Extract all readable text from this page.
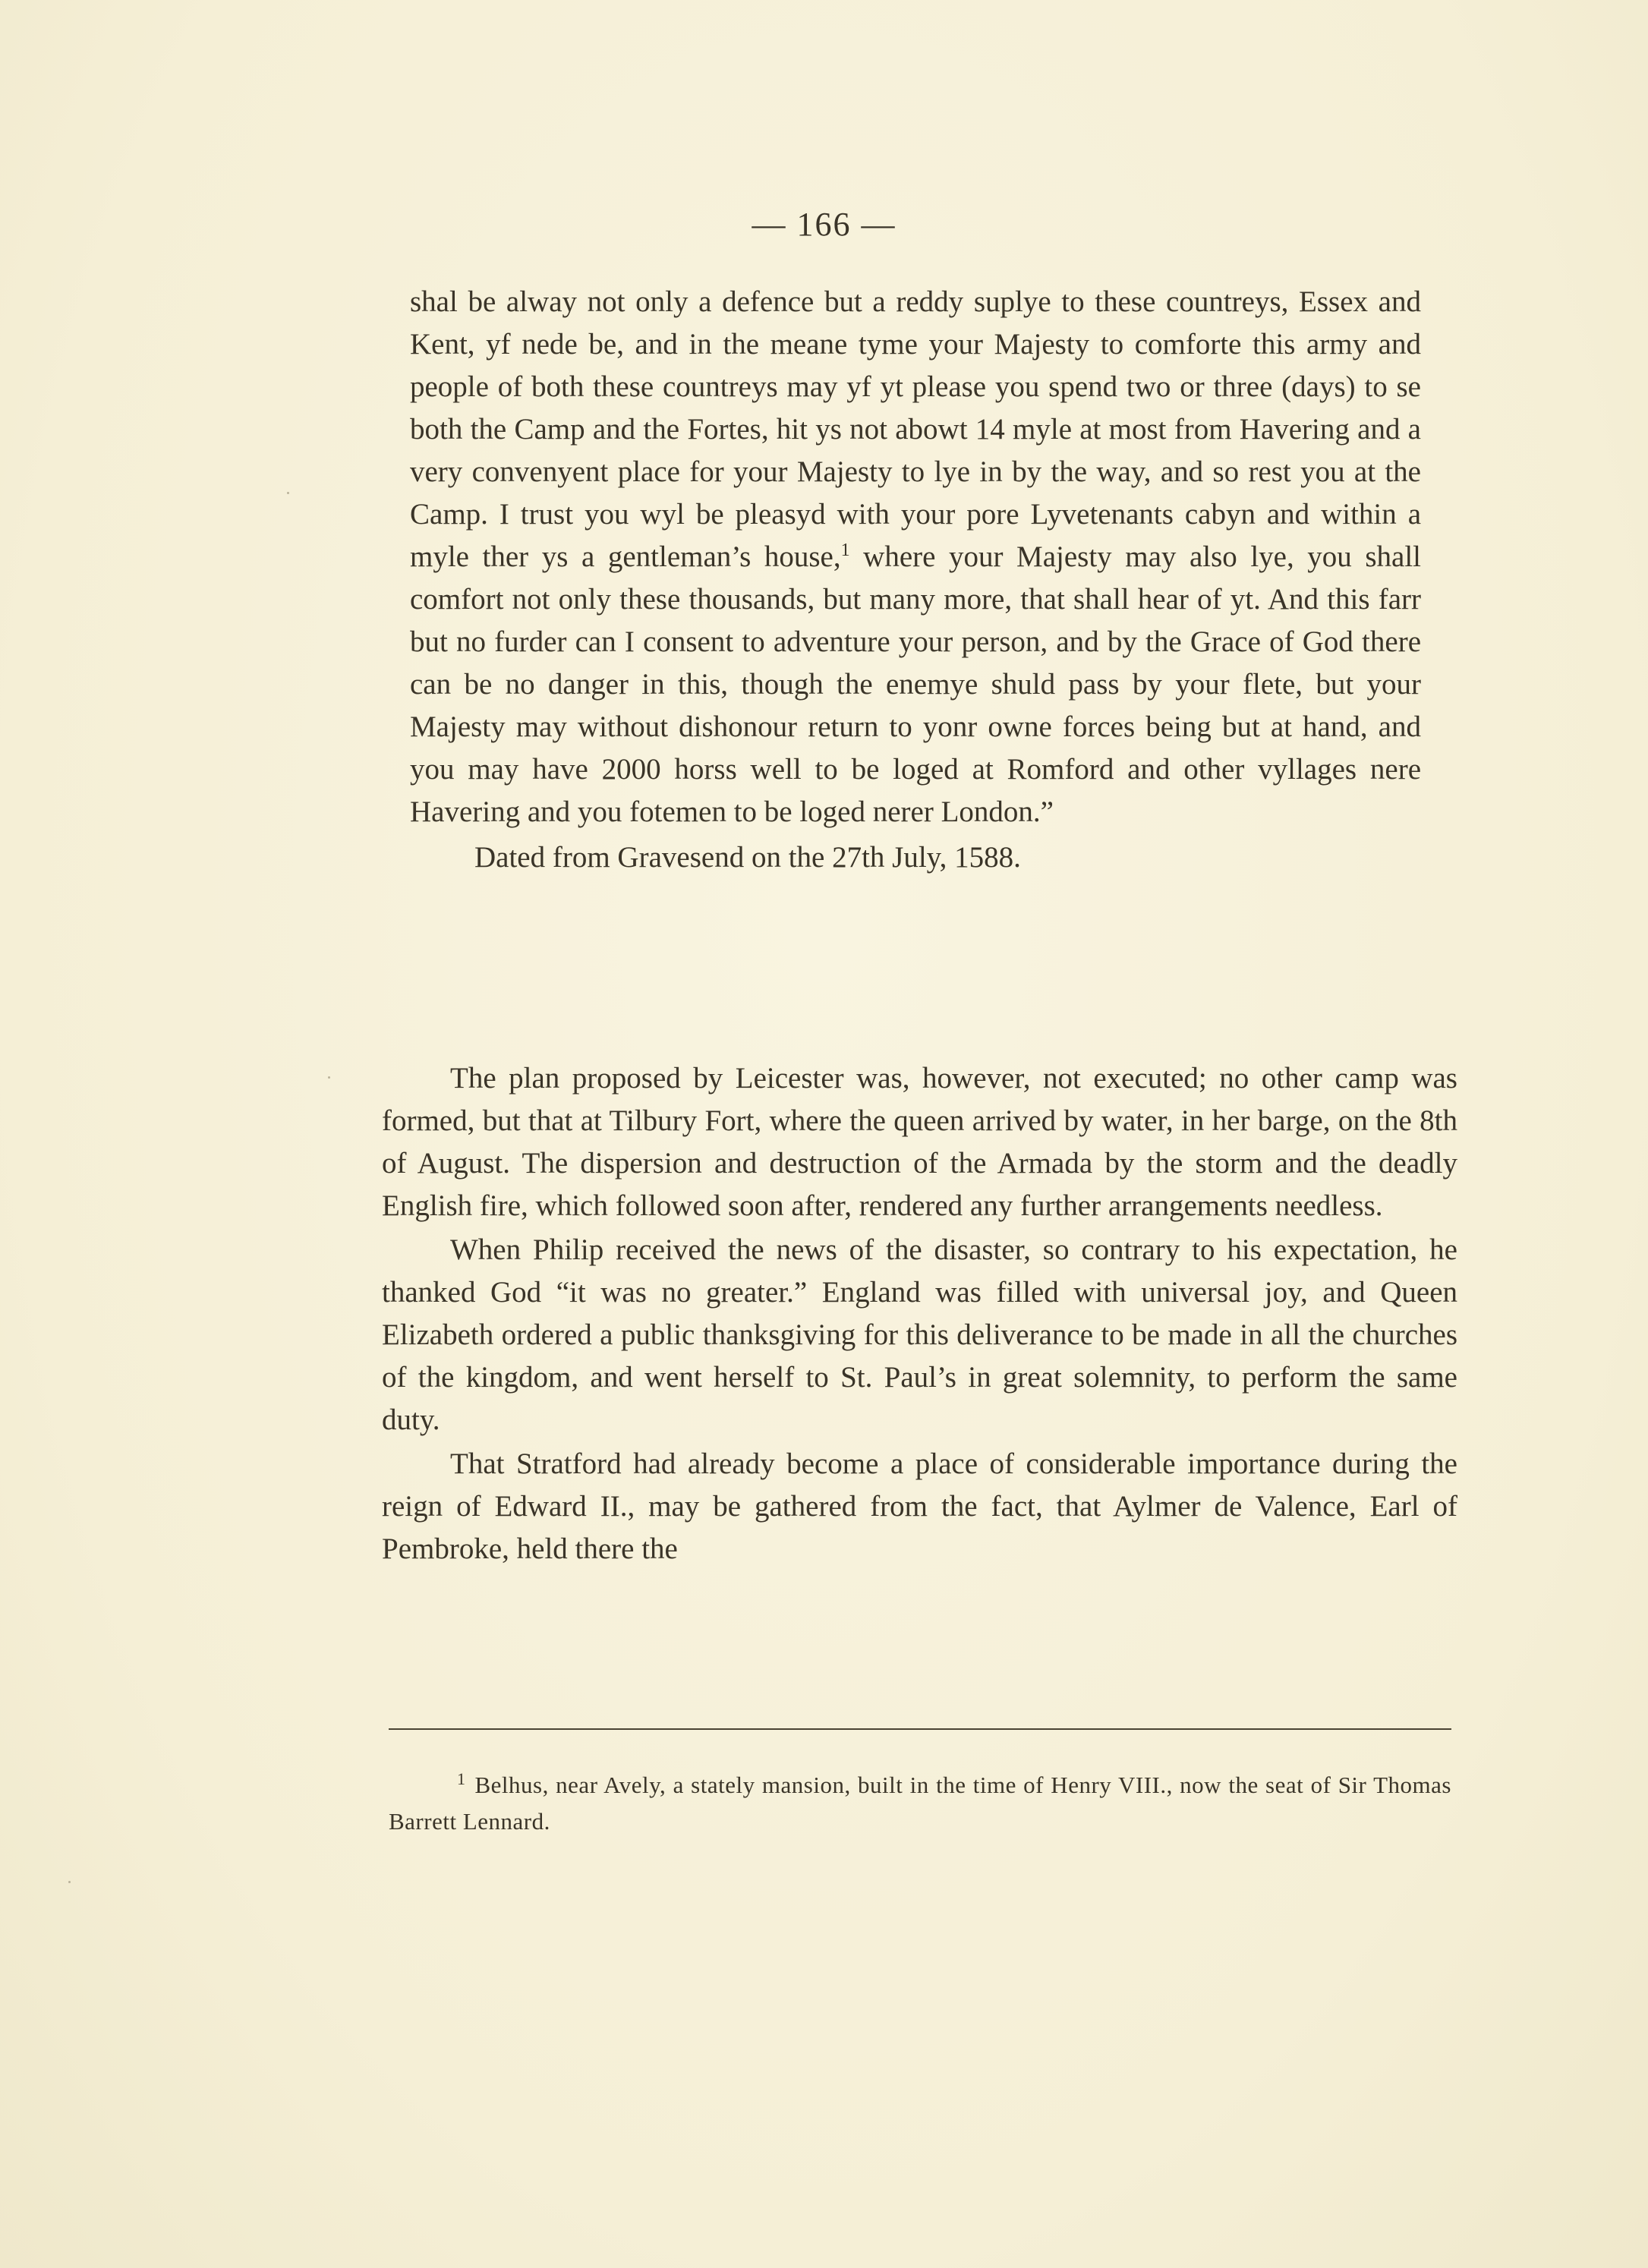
— 166 —

shal be alway not only a defence but a reddy suplye to these countreys, Essex and Kent, yf nede be, and in the meane tyme your Majesty to comforte this army and people of both these countreys may yf yt please you spend two or three (days) to se both the Camp and the Fortes, hit ys not abowt 14 myle at most from Havering and a very convenyent place for your Majesty to lye in by the way, and so rest you at the Camp. I trust you wyl be pleasyd with your pore Lyvetenants cabyn and within a myle ther ys a gentleman’s house,$^1$ where your Majesty may also lye, you shall comfort not only these thousands, but many more, that shall hear of yt. And this farr but no furder can I consent to adventure your person, and by the Grace of God there can be no danger in this, though the enemye shuld pass by your flete, but your Majesty may without dishonour return to yonr owne forces being but at hand, and you may have 2000 horss well to be loged at Romford and other vyllages nere Havering and you fotemen to be loged nerer London.”

Dated from Gravesend on the 27th July, 1588.

The plan proposed by Leicester was, however, not executed; no other camp was formed, but that at Tilbury Fort, where the queen arrived by water, in her barge, on the 8th of August. The dispersion and destruction of the Armada by the storm and the deadly English fire, which followed soon after, rendered any further arrangements needless.

When Philip received the news of the disaster, so contrary to his expectation, he thanked God “it was no greater.” England was filled with universal joy, and Queen Elizabeth ordered a public thanksgiving for this deliverance to be made in all the churches of the kingdom, and went herself to St. Paul’s in great solemnity, to perform the same duty.

That Stratford had already become a place of considerable importance during the reign of Edward II., may be gathered from the fact, that Aylmer de Valence, Earl of Pembroke, held there the

$^1$ Belhus, near Avely, a stately mansion, built in the time of Henry VIII., now the seat of Sir Thomas Barrett Lennard.
